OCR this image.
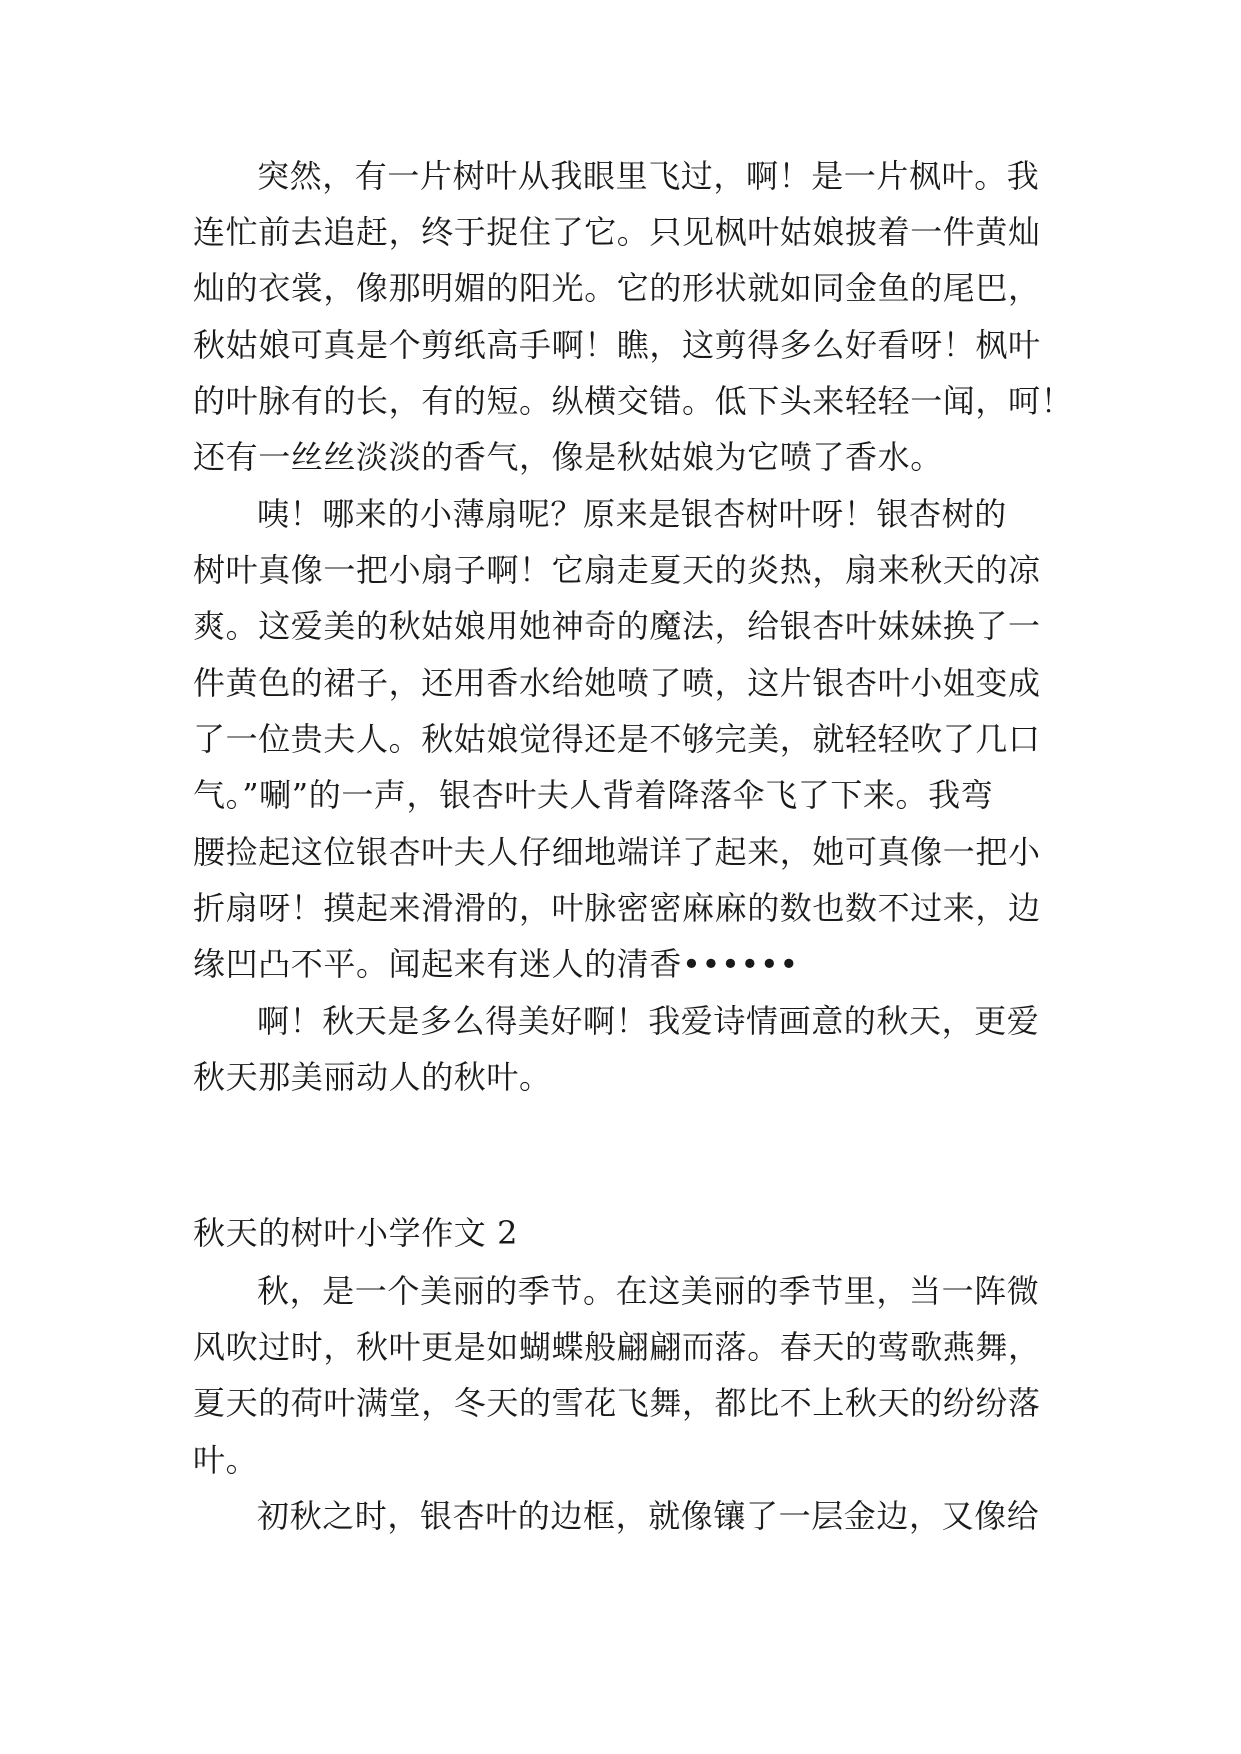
突然，有一片树叶从我眼里飞过，啊！是一片枫叶。我
连忙前去追赶，终于捉住了它。只见枫叶姑娘披着一件黄灿
灿的衣裳，像那明媚的阳光。它的形状就如同金鱼的尾巴，
秋姑娘可真是个剪纸高手啊！瞧，这剪得多么好看呀！枫叶
的叶脉有的长，有的短。纵横交错。低下头来轻轻一闻，呵！
还有一丝丝淡淡的香气，像是秋姑娘为它喷了香水。
咦！哪来的小薄扇呢？原来是银杏树叶呀！银杏树的
树叶真像一把小扇子啊！它扇走夏天的炎热，扇来秋天的凉
爽。这爱美的秋姑娘用她神奇的魔法，给银杏叶妹妹换了一
件黄色的裙子，还用香水给她喷了喷，这片银杏叶小姐变成
了一位贵夫人。秋姑娘觉得还是不够完美，就轻轻吹了几口
气。”唰”的一声，银杏叶夫人背着降落伞飞了下来。我弯
腰捡起这位银杏叶夫人仔细地端详了起来，她可真像一把小
折扇呀！摸起来滑滑的，叶脉密密麻麻的数也数不过来，边
缘凹凸不平。闻起来有迷人的清香••••••
啊！秋天是多么得美好啊！我爱诗情画意的秋天，更爱
秋天那美丽动人的秋叶。
秋天的树叶小学作文 2
秋，是一个美丽的季节。在这美丽的季节里，当一阵微
风吹过时，秋叶更是如蝴蝶般翩翩而落。春天的莺歌燕舞，
夏天的荷叶满堂，冬天的雪花飞舞，都比不上秋天的纷纷落
叶。
初秋之时，银杏叶的边框，就像镶了一层金边，又像给
